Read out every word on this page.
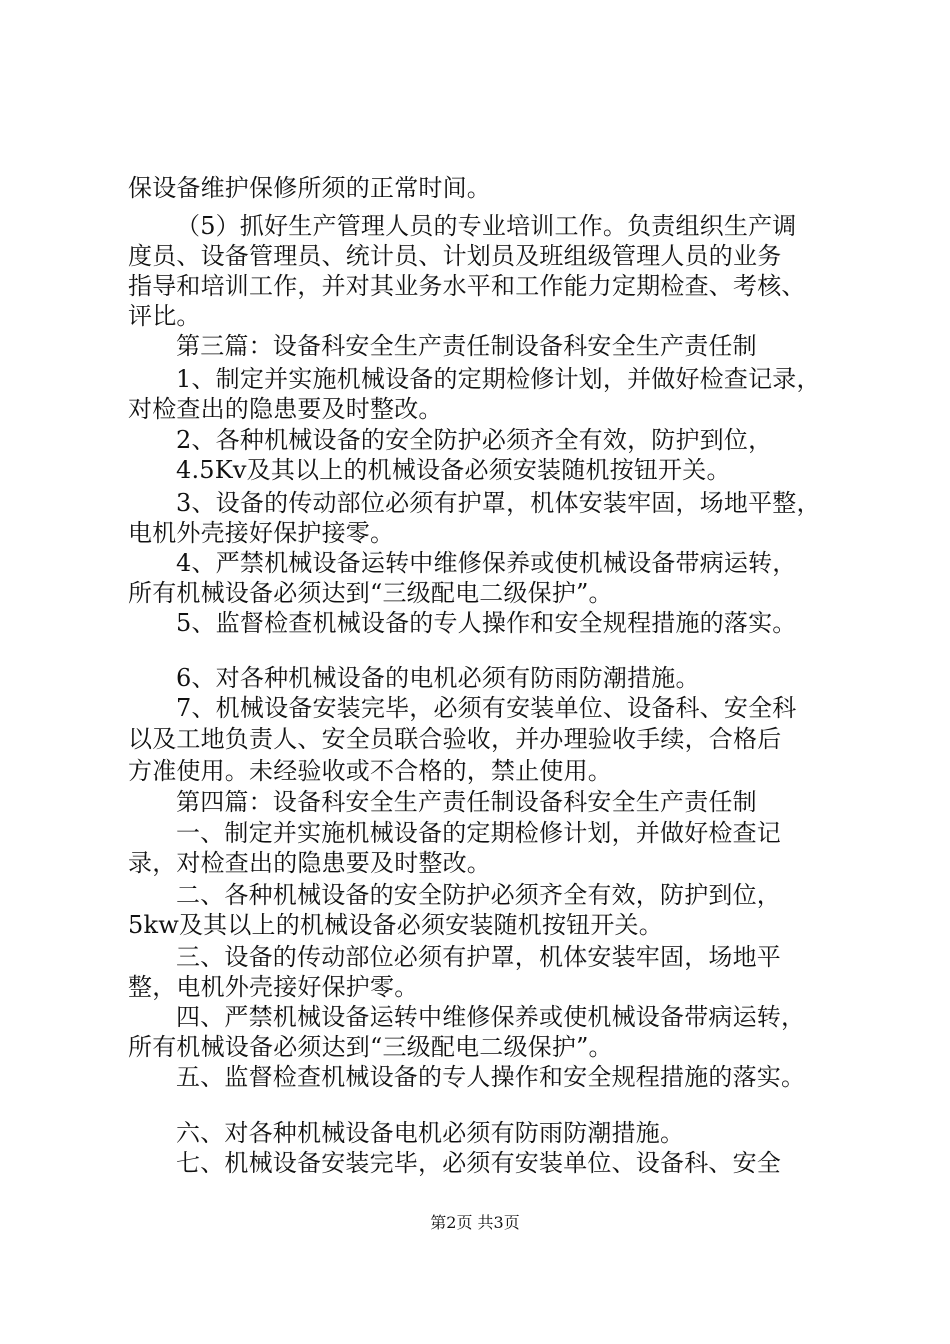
保设备维护保修所须的正常时间。
（5）抓好生产管理人员的专业培训工作。负责组织生产调
度员、设备管理员、统计员、计划员及班组级管理人员的业务
指导和培训工作，并对其业务水平和工作能力定期检查、考核、
评比。
第三篇：设备科安全生产责任制设备科安全生产责任制
1、制定并实施机械设备的定期检修计划，并做好检查记录，
对检查出的隐患要及时整改。
2、各种机械设备的安全防护必须齐全有效，防护到位，
4.5Kv及其以上的机械设备必须安装随机按钮开关。
3、设备的传动部位必须有护罩，机体安装牢固，场地平整，
电机外壳接好保护接零。
4、严禁机械设备运转中维修保养或使机械设备带病运转，
所有机械设备必须达到“三级配电二级保护”。
5、监督检查机械设备的专人操作和安全规程措施的落实。
6、对各种机械设备的电机必须有防雨防潮措施。
7、机械设备安装完毕，必须有安装单位、设备科、安全科
以及工地负责人、安全员联合验收，并办理验收手续，合格后
方准使用。未经验收或不合格的，禁止使用。
第四篇：设备科安全生产责任制设备科安全生产责任制
一、制定并实施机械设备的定期检修计划，并做好检查记
录，对检查出的隐患要及时整改。
二、各种机械设备的安全防护必须齐全有效，防护到位，
5kw及其以上的机械设备必须安装随机按钮开关。
三、设备的传动部位必须有护罩，机体安装牢固，场地平
整，电机外壳接好保护零。
四、严禁机械设备运转中维修保养或使机械设备带病运转，
所有机械设备必须达到“三级配电二级保护”。
五、监督检查机械设备的专人操作和安全规程措施的落实。
六、对各种机械设备电机必须有防雨防潮措施。
七、机械设备安装完毕，必须有安装单位、设备科、安全
第2页 共3页
